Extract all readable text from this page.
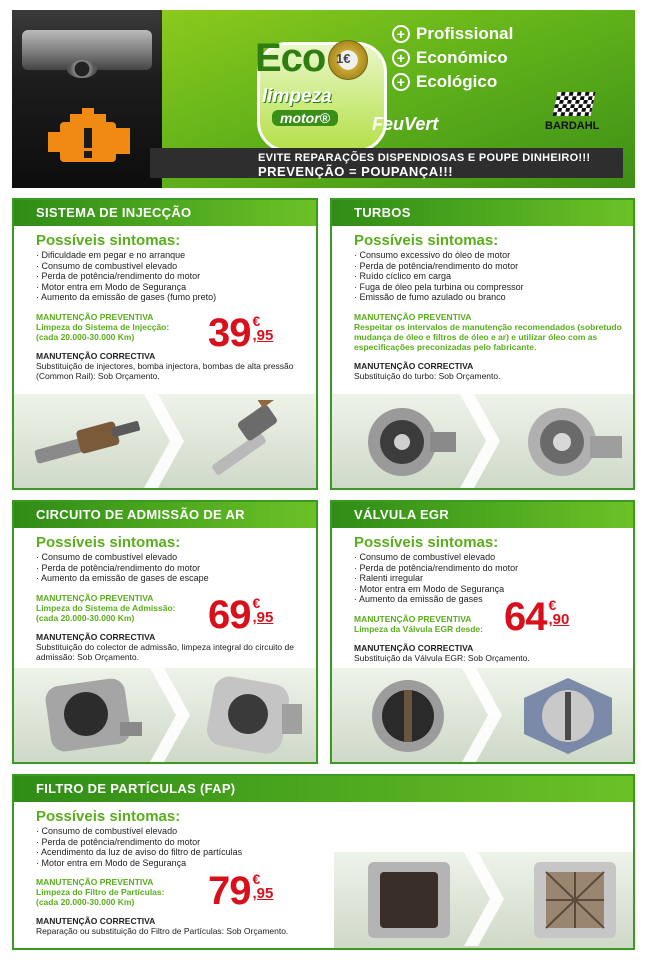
Eco 1€
limpeza
motor®	FeuVert
+ Profissional
+ Económico
+ Ecológico
BARDAHL
EVITE REPARAÇÕES DISPENDIOSAS E POUPE DINHEIRO!!!
PREVENÇÃO = POUPANÇA!!!
SISTEMA DE INJECÇÃO
Possíveis sintomas:
· Dificuldade em pegar e no arranque
· Consumo de combustível elevado
· Perda de potência/rendimento do motor
· Motor entra em Modo de Segurança
· Aumento da emissão de gases (fumo preto)
MANUTENÇÃO PREVENTIVA
Limpeza do Sistema de Injecção: (cada 20.000-30.000 Km)
MANUTENÇÃO CORRECTIVA
Substituição de injectores, bomba injectora, bombas de alta pressão (Common Rail): Sob Orçamento.
39 €
,95
TURBOS
Possíveis sintomas:
· Consumo excessivo do óleo de motor
· Perda de potência/rendimento do motor
· Ruído cíclico em carga
· Fuga de óleo pela turbina ou compressor
· Emissão de fumo azulado ou branco
MANUTENÇÃO PREVENTIVA
Respeitar os intervalos de manutenção recomendados (sobretudo mudança de óleo e filtros de óleo e ar) e utilizar óleo com as especificações preconizadas pelo fabricante.
MANUTENÇÃO CORRECTIVA
Substituição do turbo: Sob Orçamento.
CIRCUITO DE ADMISSÃO DE AR
Possíveis sintomas:
· Consumo de combustível elevado
· Perda de potência/rendimento do motor
· Aumento da emissão de gases de escape
MANUTENÇÃO PREVENTIVA
Limpeza do Sistema de Admissão: (cada 20.000-30.000 Km)
MANUTENÇÃO CORRECTIVA
Substituição do colector de admissão, limpeza integral do circuito de admissão: Sob Orçamento.
69 €
,95
VÁLVULA EGR
Possíveis sintomas:
· Consumo de combustível elevado
· Perda de potência/rendimento do motor
· Ralenti irregular
· Motor entra em Modo de Segurança
· Aumento da emissão de gases
MANUTENÇÃO PREVENTIVA
Limpeza da Válvula EGR desde:
MANUTENÇÃO CORRECTIVA
Substituição da Válvula EGR: Sob Orçamento.
64 €
,90
FILTRO DE PARTÍCULAS (FAP)
Possíveis sintomas:
· Consumo de combustível elevado
· Perda de potência/rendimento do motor
· Acendimento da luz de aviso do filtro de partículas
· Motor entra em Modo de Segurança
MANUTENÇÃO PREVENTIVA
Limpeza do Filtro de Partículas: (cada 20.000-30.000 Km)
MANUTENÇÃO CORRECTIVA
Reparação ou substituição do Filtro de Partículas: Sob Orçamento.
79 €
,95
